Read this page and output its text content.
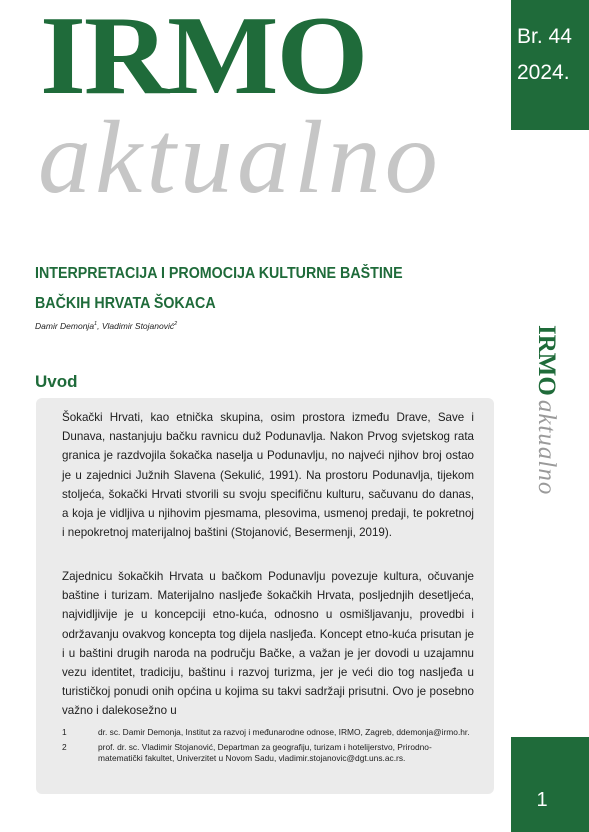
IRMO
aktualno
Br. 44
2024.
INTERPRETACIJA I PROMOCIJA KULTURNE BAŠTINE
BAČKIH HRVATA ŠOKACA
Damir Demonja$^1$, Vladimir Stojanović$^2$
IRMOaktualno
Uvod
Šokački Hrvati, kao etnička skupina, osim prostora između Drave, Save i Dunava, nastanjuju bačku ravnicu duž Podunavlja. Nakon Prvog svjetskog rata granica je razdvojila šokačka naselja u Podunavlju, no najveći njihov broj ostao je u zajednici Južnih Slavena (Sekulić, 1991). Na prostoru Podunavlja, tijekom stoljeća, šokački Hrvati stvorili su svoju specifičnu kulturu, sačuvanu do danas, a koja je vidljiva u njihovim pjesmama, plesovima, usmenoj predaji, te pokretnoj i nepokretnoj materijalnoj baštini (Stojanović, Besermenji, 2019).
Zajednicu šokačkih Hrvata u bačkom Podunavlju povezuje kultura, očuvanje baštine i turizam. Materijalno nasljeđe šokačkih Hrvata, posljednjih desetljeća, najvidljivije je u koncepciji etno-kuća, odnosno u osmišljavanju, provedbi i održavanju ovakvog koncepta tog dijela nasljeđa. Koncept etno-kuća prisutan je i u baštini drugih naroda na području Bačke, a važan je jer dovodi u uzajamnu vezu identitet, tradiciju, baštinu i razvoj turizma, jer je veći dio tog nasljeđa u turističkoj ponudi onih općina u kojima su takvi sadržaji prisutni. Ovo je posebno važno i dalekosežno u
1	dr. sc. Damir Demonja, Institut za razvoj i međunarodne odnose, IRMO, Zagreb, ddemonja@irmo.hr.
2	prof. dr. sc. Vladimir Stojanović, Departman za geografiju, turizam i hotelijerstvo, Prirodno-matematički fakultet, Univerzitet u Novom Sadu, vladimir.stojanovic@dgt.uns.ac.rs.
1
